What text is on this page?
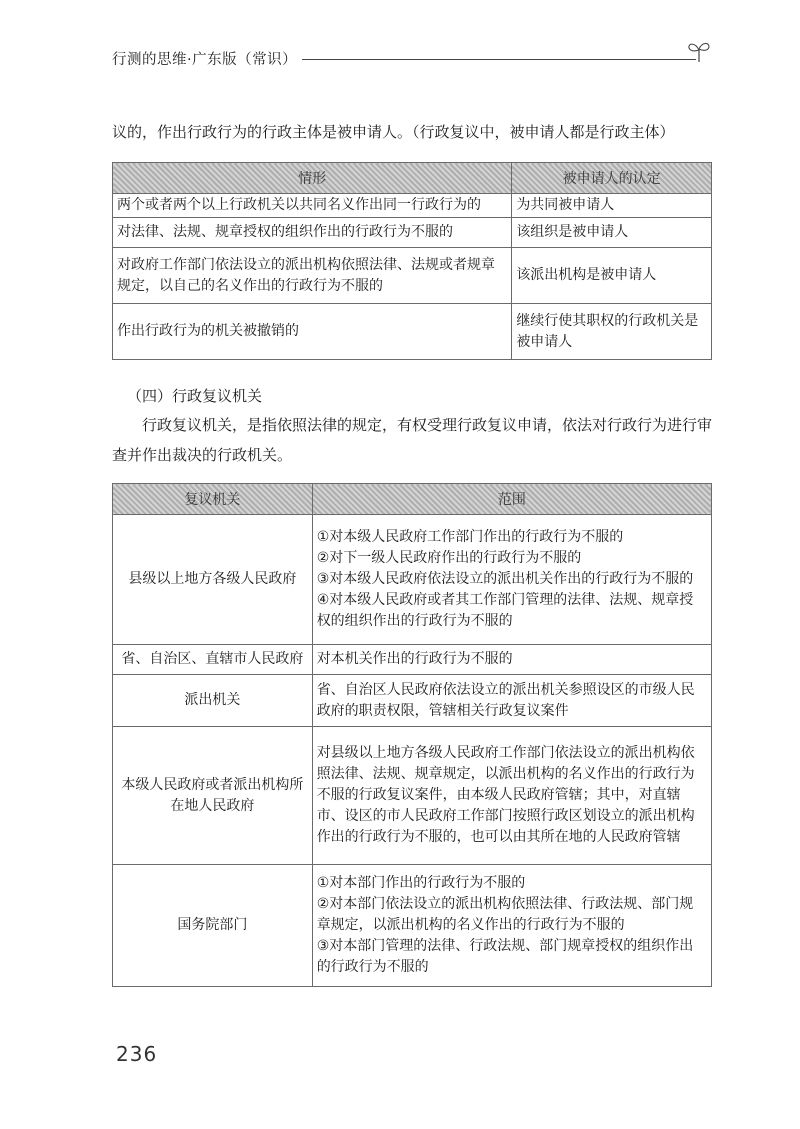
行测的思维·广东版（常识）
议的，作出行政行为的行政主体是被申请人。（行政复议中，被申请人都是行政主体）
情形	被申请人的认定
两个或者两个以上行政机关以共同名义作出同一行政行为的	为共同被申请人
对法律、法规、规章授权的组织作出的行政行为不服的	该组织是被申请人
对政府工作部门依法设立的派出机构依照法律、法规或者规章规定，以自己的名义作出的行政行为不服的	该派出机构是被申请人
作出行政行为的机关被撤销的	继续行使其职权的行政机关是被申请人
（四）行政复议机关
行政复议机关，是指依照法律的规定，有权受理行政复议申请，依法对行政行为进行审查并作出裁决的行政机关。
复议机关	范围
县级以上地方各级人民政府	①对本级人民政府工作部门作出的行政行为不服的
②对下一级人民政府作出的行政行为不服的
③对本级人民政府依法设立的派出机关作出的行政行为不服的
④对本级人民政府或者其工作部门管理的法律、法规、规章授权的组织作出的行政行为不服的

省、自治区、直辖市人民政府	对本机关作出的行政行为不服的

派出机关	省、自治区人民政府依法设立的派出机关参照设区的市级人民政府的职责权限，管辖相关行政复议案件

本级人民政府或者派出机构所在地人民政府	对县级以上地方各级人民政府工作部门依法设立的派出机构依照法律、法规、规章规定，以派出机构的名义作出的行政行为不服的行政复议案件，由本级人民政府管辖；其中，对直辖市、设区的市人民政府工作部门按照行政区划设立的派出机构作出的行政行为不服的，也可以由其所在地的人民政府管辖

国务院部门	①对本部门作出的行政行为不服的
②对本部门依法设立的派出机构依照法律、行政法规、部门规章规定，以派出机构的名义作出的行政行为不服的
③对本部门管理的法律、行政法规、部门规章授权的组织作出的行政行为不服的
236
